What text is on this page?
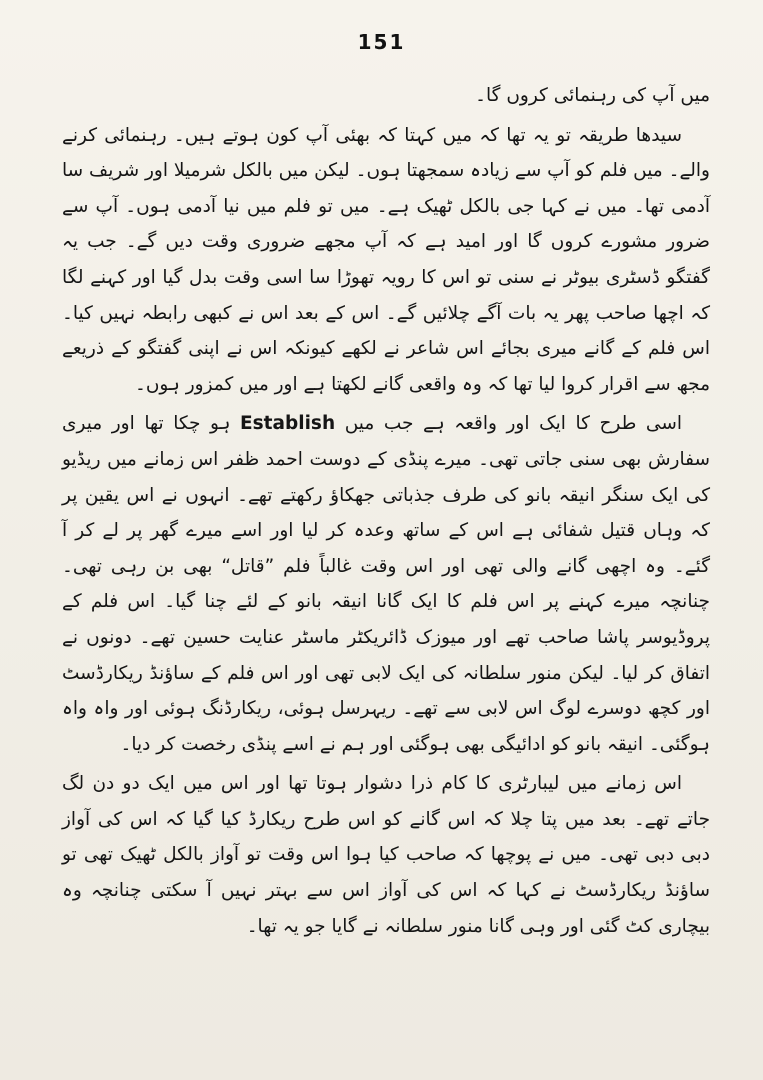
151

میں آپ کی رہنمائی کروں گا۔

سیدھا طریقہ تو یہ تھا کہ میں کہتا کہ بھئی آپ کون ہوتے ہیں۔ رہنمائی کرنے والے۔ میں فلم کو آپ سے زیادہ سمجھتا ہوں۔ لیکن میں بالکل شرمیلا اور شریف سا آدمی تھا۔ میں نے کہا جی بالکل ٹھیک ہے۔ میں تو فلم میں نیا آدمی ہوں۔ آپ سے ضرور مشورے کروں گا اور امید ہے کہ آپ مجھے ضروری وقت دیں گے۔ جب یہ گفتگو ڈسٹری بیوٹر نے سنی تو اس کا رویہ تھوڑا سا اسی وقت بدل گیا اور کہنے لگا کہ اچھا صاحب پھر یہ بات آگے چلائیں گے۔ اس کے بعد اس نے کبھی رابطہ نہیں کیا۔ اس فلم کے گانے میری بجائے اس شاعر نے لکھے کیونکہ اس نے اپنی گفتگو کے ذریعے مجھ سے اقرار کروا لیا تھا کہ وہ واقعی گانے لکھتا ہے اور میں کمزور ہوں۔

اسی طرح کا ایک اور واقعہ ہے جب میں Establish ہو چکا تھا اور میری سفارش بھی سنی جاتی تھی۔ میرے پنڈی کے دوست احمد ظفر اس زمانے میں ریڈیو کی ایک سنگر انیقہ بانو کی طرف جذباتی جھکاؤ رکھتے تھے۔ انہوں نے اس یقین پر کہ وہاں قتیل شفائی ہے اس کے ساتھ وعدہ کر لیا اور اسے میرے گھر پر لے کر آ گئے۔ وہ اچھی گانے والی تھی اور اس وقت غالباً فلم ”قاتل“ بھی بن رہی تھی۔ چنانچہ میرے کہنے پر اس فلم کا ایک گانا انیقہ بانو کے لئے چنا گیا۔ اس فلم کے پروڈیوسر پاشا صاحب تھے اور میوزک ڈائریکٹر ماسٹر عنایت حسین تھے۔ دونوں نے اتفاق کر لیا۔ لیکن منور سلطانہ کی ایک لابی تھی اور اس فلم کے ساؤنڈ ریکارڈسٹ اور کچھ دوسرے لوگ اس لابی سے تھے۔ ریہرسل ہوئی، ریکارڈنگ ہوئی اور واہ واہ ہوگئی۔ انیقہ بانو کو ادائیگی بھی ہوگئی اور ہم نے اسے پنڈی رخصت کر دیا۔

اس زمانے میں لیبارٹری کا کام ذرا دشوار ہوتا تھا اور اس میں ایک دو دن لگ جاتے تھے۔ بعد میں پتا چلا کہ اس گانے کو اس طرح ریکارڈ کیا گیا کہ اس کی آواز دبی دبی تھی۔ میں نے پوچھا کہ صاحب کیا ہوا اس وقت تو آواز بالکل ٹھیک تھی تو ساؤنڈ ریکارڈسٹ نے کہا کہ اس کی آواز اس سے بہتر نہیں آ سکتی چنانچہ وہ بیچاری کٹ گئی اور وہی گانا منور سلطانہ نے گایا جو یہ تھا۔
